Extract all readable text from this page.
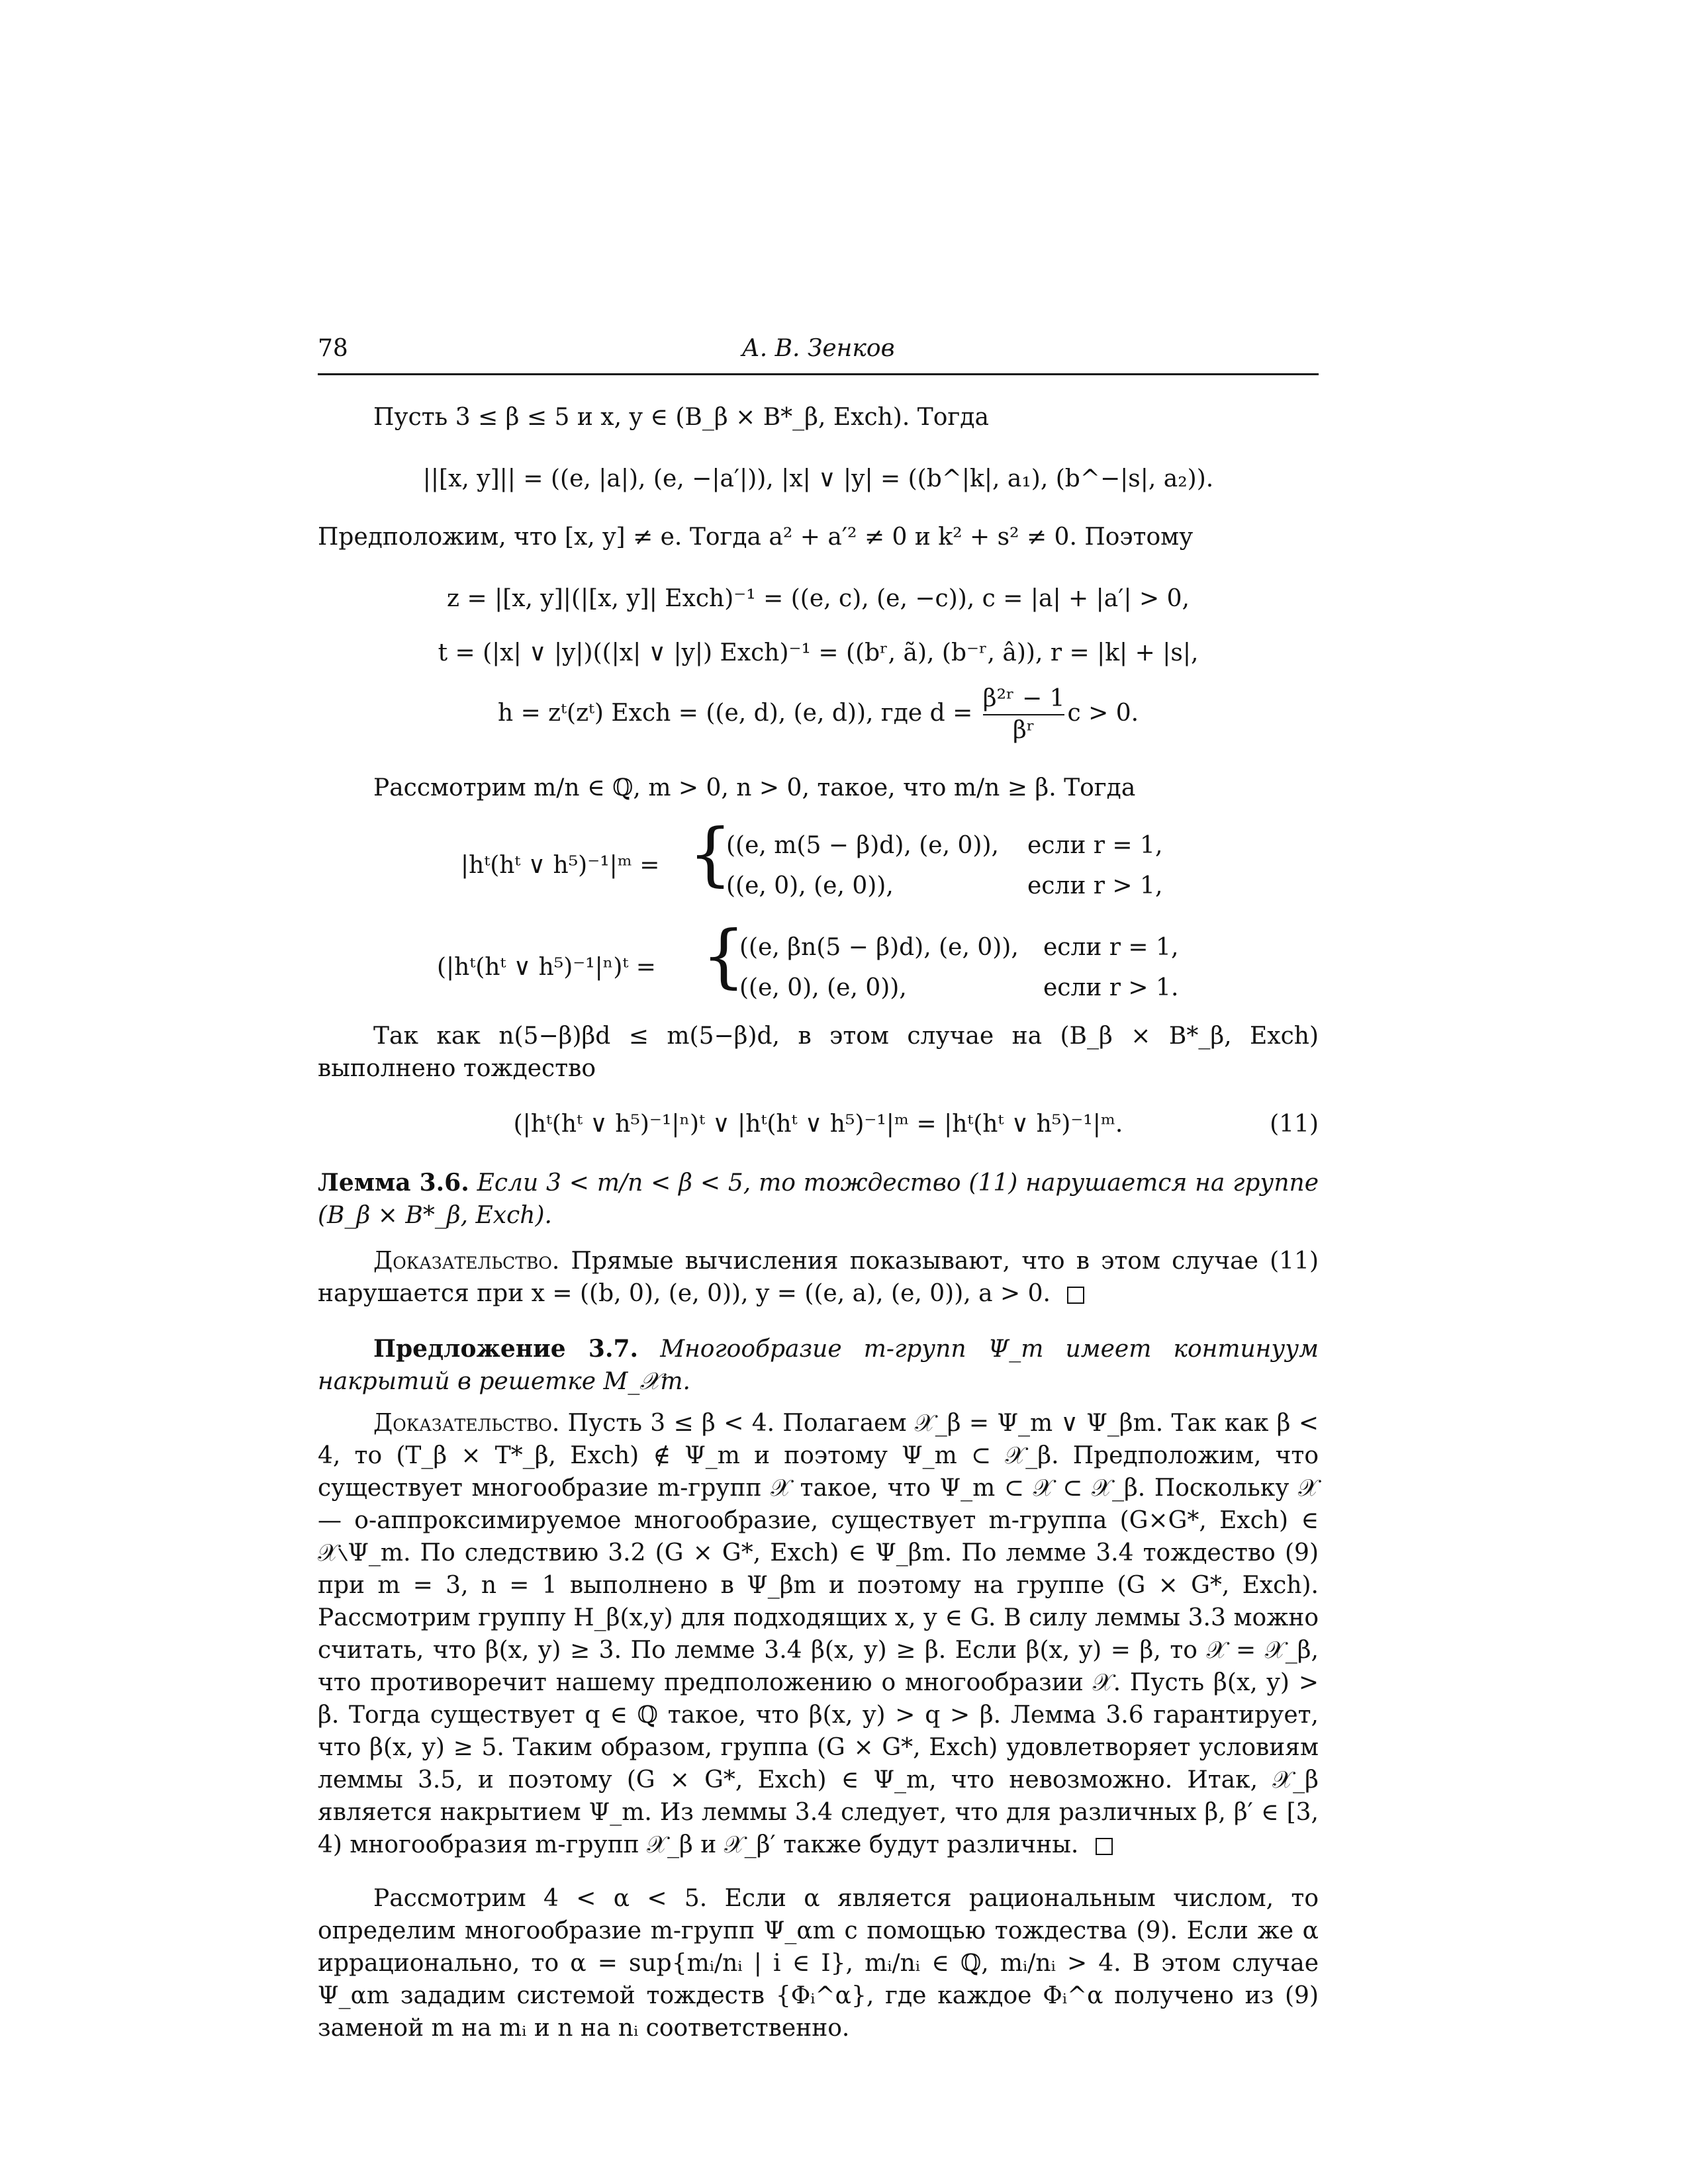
78	А. В. Зенков
Пусть 3 ≤ β ≤ 5 и x, y ∈ (B_β × B*_β, Exch). Тогда
||[x, y]|| = ((e, |a|), (e, −|a′|)), |x| ∨ |y| = ((b^|k|, a₁), (b^−|s|, a₂)).
Предположим, что [x, y] ≠ e. Тогда a² + a′² ≠ 0 и k² + s² ≠ 0. Поэтому
z = |[x, y]|(|[x, y]| Exch)⁻¹ = ((e, c), (e, −c)), c = |a| + |a′| > 0,
t = (|x| ∨ |y|)((|x| ∨ |y|) Exch)⁻¹ = ((bʳ, ã), (b⁻ʳ, â)), r = |k| + |s|,
h = zᵗ(zᵗ) Exch = ((e, d), (e, d)), где $d = \frac{\text{β²ʳ − 1}}{\text{βʳ}}$ c > 0.
Рассмотрим m/n ∈ ℚ, m > 0, n > 0, такое, что m/n ≥ β. Тогда
|hᵗ(hᵗ ∨ h⁵)⁻¹|ᵐ = {
((e, m(5 − β)d), (e, 0)), если r = 1,
((e, 0), (e, 0)),	если r > 1,
(|hᵗ(hᵗ ∨ h⁵)⁻¹|ⁿ)ᵗ = {
((e, βn(5 − β)d), (e, 0)), если r = 1,
((e, 0), (e, 0)),	если r > 1.
Так как n(5−β)βd ≤ m(5−β)d, в этом случае на (B_β × B*_β, Exch) выполнено тождество
(|hᵗ(hᵗ ∨ h⁵)⁻¹|ⁿ)ᵗ ∨ |hᵗ(hᵗ ∨ h⁵)⁻¹|ᵐ = |hᵗ(hᵗ ∨ h⁵)⁻¹|ᵐ.	(11)
Лемма 3.6. Если 3 < m/n < β < 5, то тождество (11) нарушается на группе (B_β × B*_β, Exch).
Доказательство. Прямые вычисления показывают, что в этом случае (11) нарушается при x = ((b, 0), (e, 0)), y = ((e, a), (e, 0)), a > 0.
Предложение 3.7. Многообразие m-групп Ψ_m имеет континуум накрытий в решетке M_𝒳m.
Доказательство. Пусть 3 ≤ β < 4. Полагаем 𝒳_β = Ψ_m ∨ Ψ_βm. Так как β < 4, то (T_β × T*_β, Exch) ∉ Ψ_m и поэтому Ψ_m ⊂ 𝒳_β. Предположим, что существует многообразие m-групп 𝒳 такое, что Ψ_m ⊂ 𝒳 ⊂ 𝒳_β. Поскольку 𝒳 — o-аппроксимируемое многообразие, существует m-группа (G×G*, Exch) ∈ 𝒳∖Ψ_m. По следствию 3.2 (G × G*, Exch) ∈ Ψ_βm. По лемме 3.4 тождество (9) при m = 3, n = 1 выполнено в Ψ_βm и поэтому на группе (G × G*, Exch). Рассмотрим группу H_β(x,y) для подходящих x, y ∈ G. В силу леммы 3.3 можно считать, что β(x, y) ≥ 3. По лемме 3.4 β(x, y) ≥ β. Если β(x, y) = β, то 𝒳 = 𝒳_β, что противоречит нашему предположению о многообразии 𝒳. Пусть β(x, y) > β. Тогда существует q ∈ ℚ такое, что β(x, y) > q > β. Лемма 3.6 гарантирует, что β(x, y) ≥ 5. Таким образом, группа (G × G*, Exch) удовлетворяет условиям леммы 3.5, и поэтому (G × G*, Exch) ∈ Ψ_m, что невозможно. Итак, 𝒳_β является накрытием Ψ_m. Из леммы 3.4 следует, что для различных β, β′ ∈ [3, 4) многообразия m-групп 𝒳_β и 𝒳_β′ также будут различны.
Рассмотрим 4 < α < 5. Если α является рациональным числом, то определим многообразие m-групп Ψ_αm с помощью тождества (9). Если же α иррационально, то α = sup{mᵢ/nᵢ | i ∈ I}, mᵢ/nᵢ ∈ ℚ, mᵢ/nᵢ > 4. В этом случае Ψ_αm зададим системой тождеств {Φᵢ^α}, где каждое Φᵢ^α получено из (9) заменой m на mᵢ и n на nᵢ соответственно.
